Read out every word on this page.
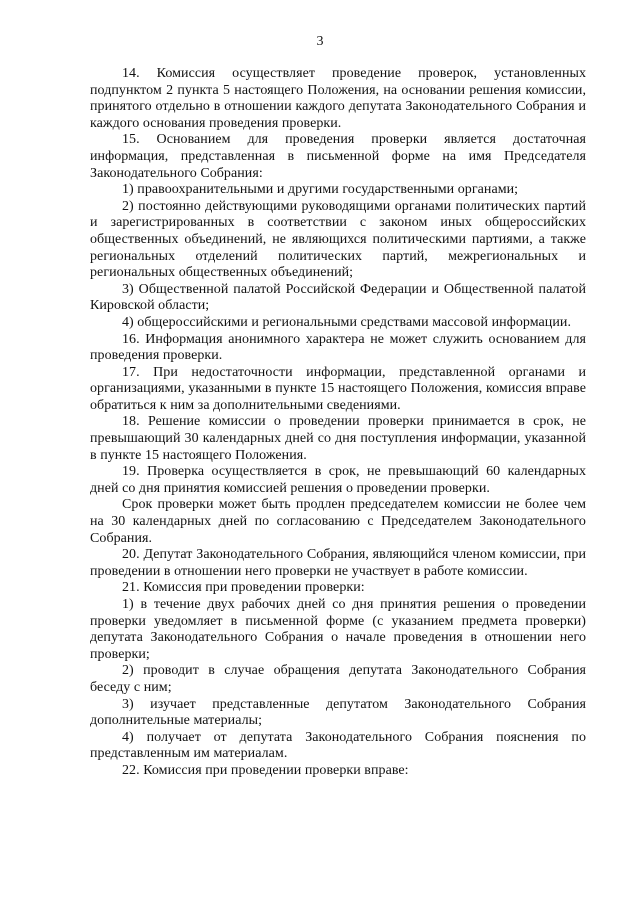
3

14. Комиссия осуществляет проведение проверок, установленных подпунктом 2 пункта 5 настоящего Положения, на основании решения комиссии, принятого отдельно в отношении каждого депутата Законодательного Собрания и каждого основания проведения проверки.

15. Основанием для проведения проверки является достаточная информация, представленная в письменной форме на имя Председателя Законодательного Собрания:

1) правоохранительными и другими государственными органами;

2) постоянно действующими руководящими органами политических партий и зарегистрированных в соответствии с законом иных общероссийских общественных объединений, не являющихся политическими партиями, а также региональных отделений политических партий, межрегиональных и региональных общественных объединений;

3) Общественной палатой Российской Федерации и Общественной палатой Кировской области;

4) общероссийскими и региональными средствами массовой информации.

16. Информация анонимного характера не может служить основанием для проведения проверки.

17. При недостаточности информации, представленной органами и организациями, указанными в пункте 15 настоящего Положения, комиссия вправе обратиться к ним за дополнительными сведениями.

18. Решение комиссии о проведении проверки принимается в срок, не превышающий 30 календарных дней со дня поступления информации, указанной в пункте 15 настоящего Положения.

19. Проверка осуществляется в срок, не превышающий 60 календарных дней со дня принятия комиссией решения о проведении проверки.

Срок проверки может быть продлен председателем комиссии не более чем на 30 календарных дней по согласованию с Председателем Законодательного Собрания.

20. Депутат Законодательного Собрания, являющийся членом комиссии, при проведении в отношении него проверки не участвует в работе комиссии.

21. Комиссия при проведении проверки:

1) в течение двух рабочих дней со дня принятия решения о проведении проверки уведомляет в письменной форме (с указанием предмета проверки) депутата Законодательного Собрания о начале проведения в отношении него проверки;

2) проводит в случае обращения депутата Законодательного Собрания беседу с ним;

3) изучает представленные депутатом Законодательного Собрания дополнительные материалы;

4) получает от депутата Законодательного Собрания пояснения по представленным им материалам.

22. Комиссия при проведении проверки вправе:
